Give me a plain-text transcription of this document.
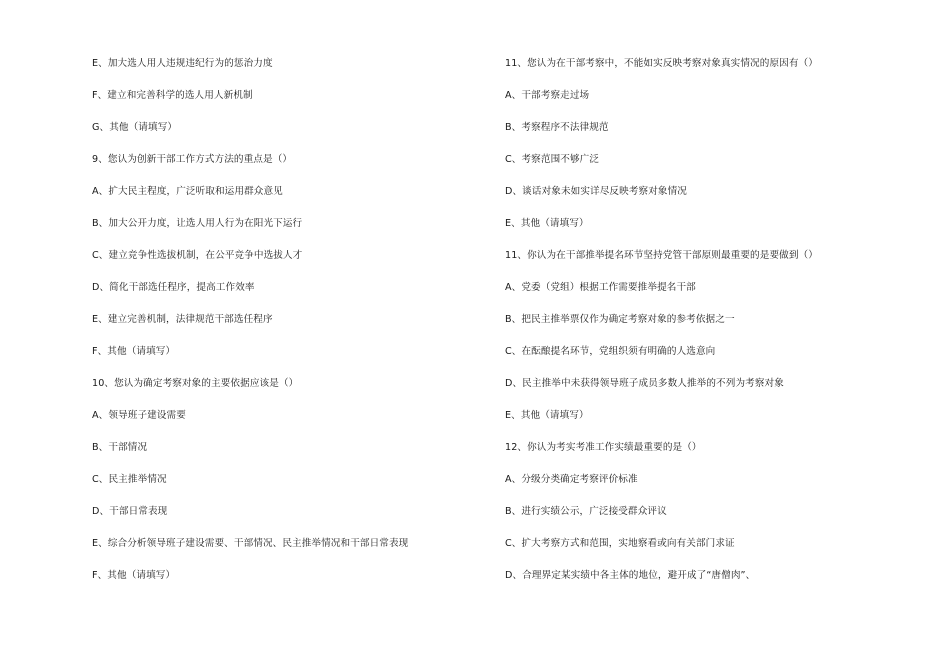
E、加大选人用人违规违纪行为的惩治力度
F、建立和完善科学的选人用人新机制
G、其他（请填写）
9、您认为创新干部工作方式方法的重点是（）
A、扩大民主程度，广泛听取和运用群众意见
B、加大公开力度，让选人用人行为在阳光下运行
C、建立竞争性选拔机制，在公平竞争中选拔人才
D、简化干部选任程序，提高工作效率
E、建立完善机制，法律规范干部选任程序
F、其他（请填写）
10、您认为确定考察对象的主要依据应该是（）
A、领导班子建设需要
B、干部情况
C、民主推举情况
D、干部日常表现
E、综合分析领导班子建设需要、干部情况、民主推举情况和干部日常表现
F、其他（请填写）
11、您认为在干部考察中，不能如实反映考察对象真实情况的原因有（）
A、干部考察走过场
B、考察程序不法律规范
C、考察范围不够广泛
D、谈话对象未如实详尽反映考察对象情况
E、其他（请填写）
11、你认为在干部推举提名环节坚持党管干部原则最重要的是要做到（）
A、党委（党组）根据工作需要推举提名干部
B、把民主推举票仅作为确定考察对象的参考依据之一
C、在酝酿提名环节，党组织须有明确的人选意向
D、民主推举中未获得领导班子成员多数人推举的不列为考察对象
E、其他（请填写）
12、你认为考实考准工作实绩最重要的是（）
A、分级分类确定考察评价标准
B、进行实绩公示，广泛接受群众评议
C、扩大考察方式和范围，实地察看或向有关部门求证
D、合理界定某实绩中各主体的地位，避开成了“唐僧肉”、
